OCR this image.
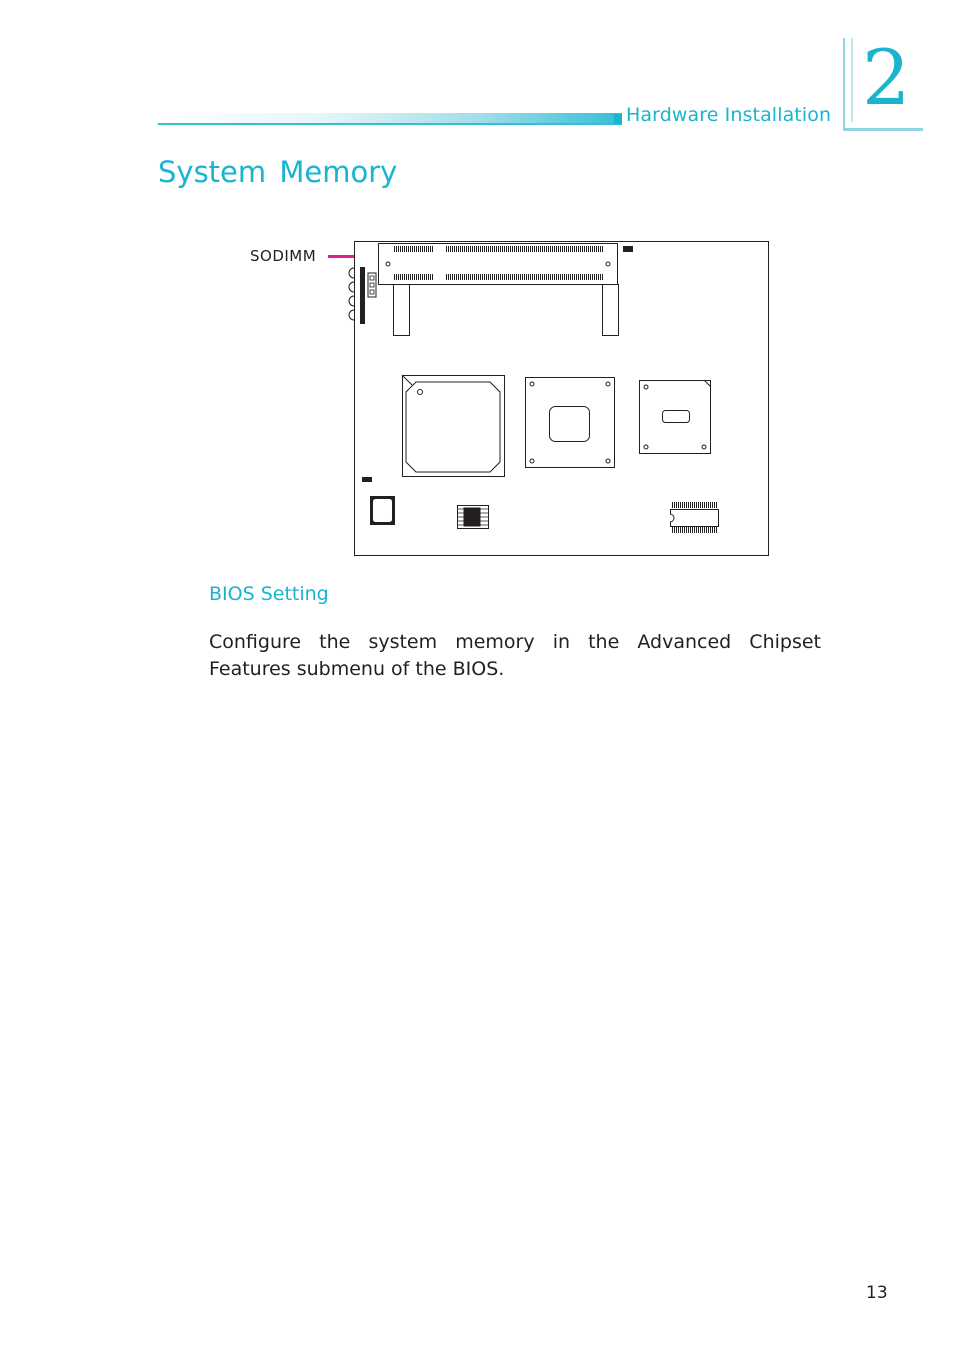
Hardware Installation 2
System Memory
SODIMM
BIOS Setting
Configure the system memory in the Advanced Chipset Features submenu of the BIOS.
13
